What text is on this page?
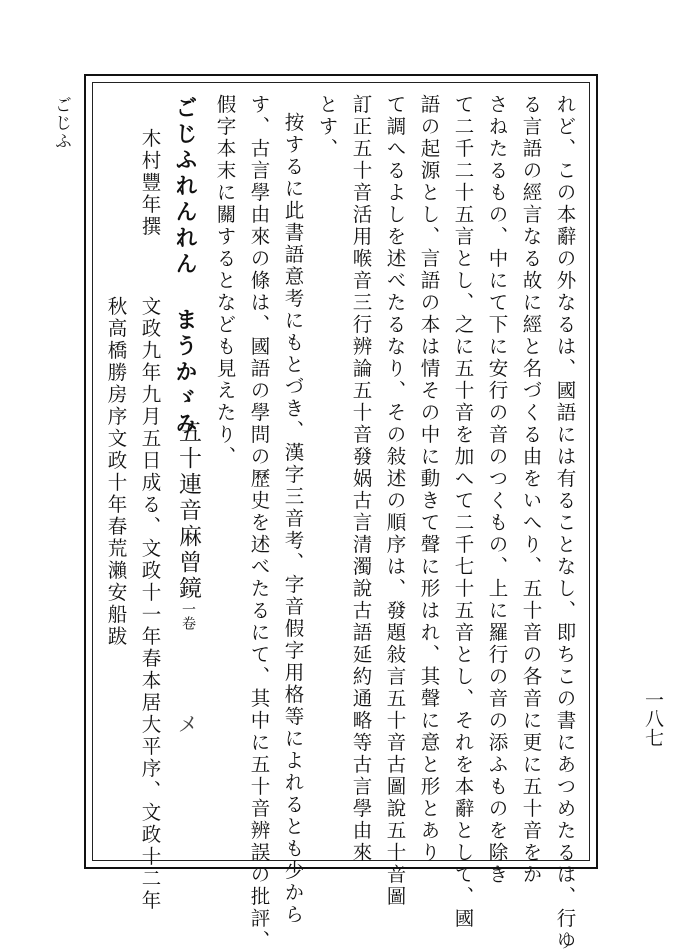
ごじふ
一八七
れど、この本辭の外なるは、國語には有ることなし、即ちこの書にあつめたるは、行ゆ
る言語の經言なる故に經と名づくる由をいへり、五十音の各音に更に五十音をか
さねたるもの、中にて下に安行の音のつくもの、上に羅行の音の添ふものを除き
て二千二十五言とし、之に五十音を加へて二千七十五音とし、それを本辭として、國
語の起源とし、言語の本は情その中に動きて聲に形はれ、其聲に意と形とあり
て調へるよしを述べたるなり、その敍述の順序は、發題敍言五十音古圖說五十音圖
訂正五十音活用喉音三行辨論五十音發娲古言清濁說古語延約通略等古言學由來
とす、
按するに此書語意考にもとづき、漢字三音考、字音假字用格等によれるとも少から
す、古言學由來の條は、國語の學問の歷史を述べたるにて、其中に五十音辨誤の批評、
假字本末に關するとなども見えたり、
五十連音麻曾鏡一卷
ごじふれんれん まうかゞみ
木村豐年撰
文政九年九月五日成る、文政十一年春本居大平序、文政十二年
秋高橋勝房序文政十年春荒瀨安船跋
メ
